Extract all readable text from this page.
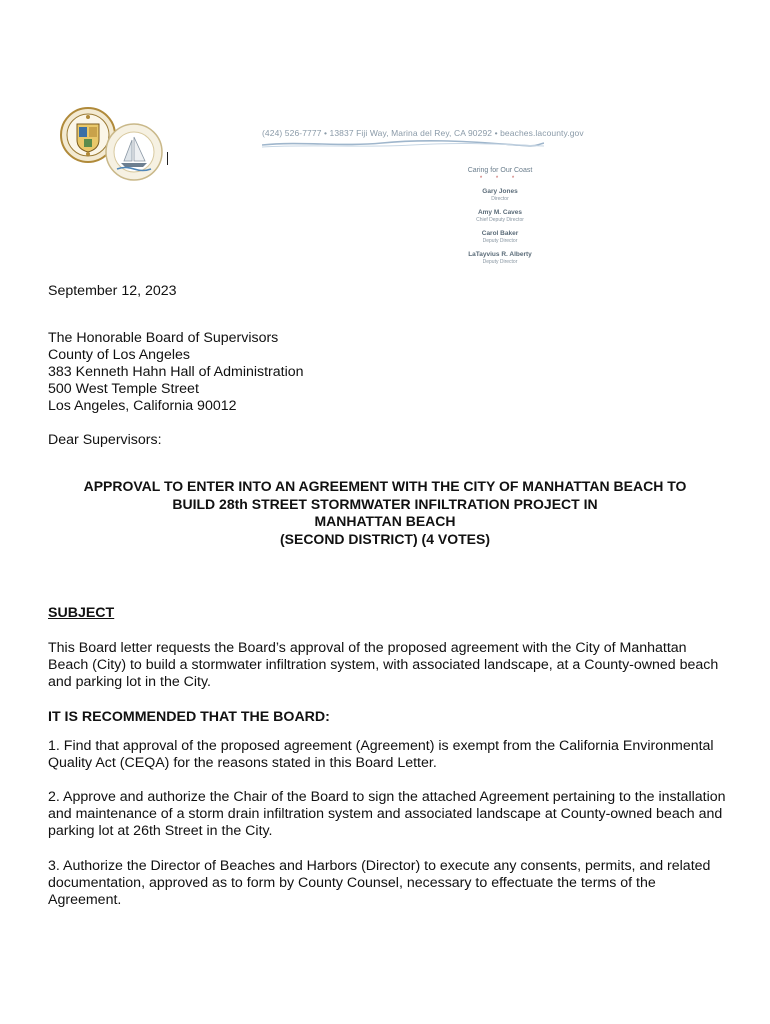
(424) 526-7777 • 13837 Fiji Way, Marina del Rey, CA 90292 • beaches.lacounty.gov
Caring for Our Coast
* * *
Gary Jones
Director
Amy M. Caves
Chief Deputy Director
Carol Baker
Deputy Director
LaTayvius R. Alberty
Deputy Director
September 12, 2023
The Honorable Board of Supervisors
County of Los Angeles
383 Kenneth Hahn Hall of Administration
500 West Temple Street
Los Angeles, California 90012
Dear Supervisors:
APPROVAL TO ENTER INTO AN AGREEMENT WITH THE CITY OF MANHATTAN BEACH TO
BUILD 28th STREET STORMWATER INFILTRATION PROJECT IN
MANHATTAN BEACH
(SECOND DISTRICT) (4 VOTES)
SUBJECT
This Board letter requests the Board’s approval of the proposed agreement with the City of Manhattan Beach (City) to build a stormwater infiltration system, with associated landscape, at a County-owned beach and parking lot in the City.
IT IS RECOMMENDED THAT THE BOARD:
1. Find that approval of the proposed agreement (Agreement) is exempt from the California Environmental Quality Act (CEQA) for the reasons stated in this Board Letter.
2. Approve and authorize the Chair of the Board to sign the attached Agreement pertaining to the installation and maintenance of a storm drain infiltration system and associated landscape at County-owned beach and parking lot at 26th Street in the City.
3. Authorize the Director of Beaches and Harbors (Director) to execute any consents, permits, and related documentation, approved as to form by County Counsel, necessary to effectuate the terms of the Agreement.
